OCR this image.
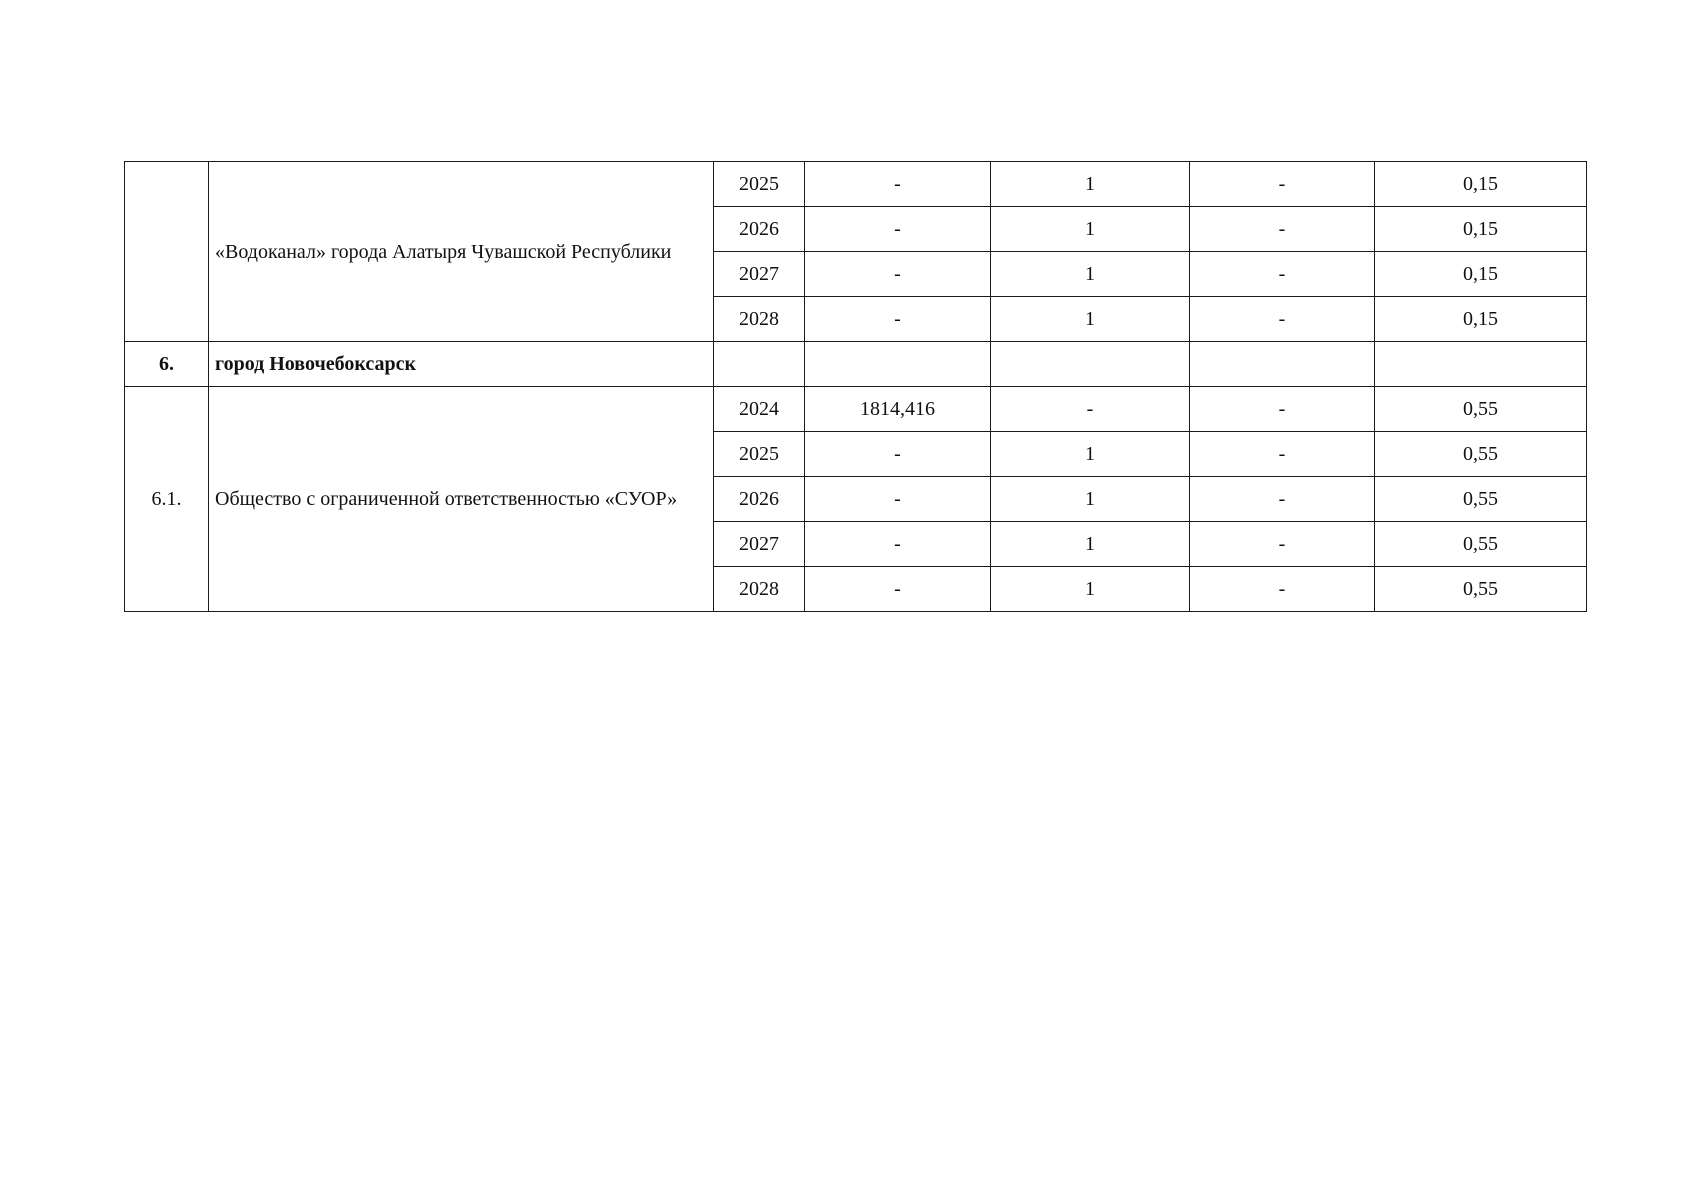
	«Водоканал» города Алатыря Чувашской Республики	2025	-	1	-	0,15
		2026	-	1	-	0,15
		2027	-	1	-	0,15
		2028	-	1	-	0,15
6.	город Новочебоксарск					
6.1.	Общество с ограниченной ответственностью «СУОР»	2024	1814,416	-	-	0,55
		2025	-	1	-	0,55
		2026	-	1	-	0,55
		2027	-	1	-	0,55
		2028	-	1	-	0,55
